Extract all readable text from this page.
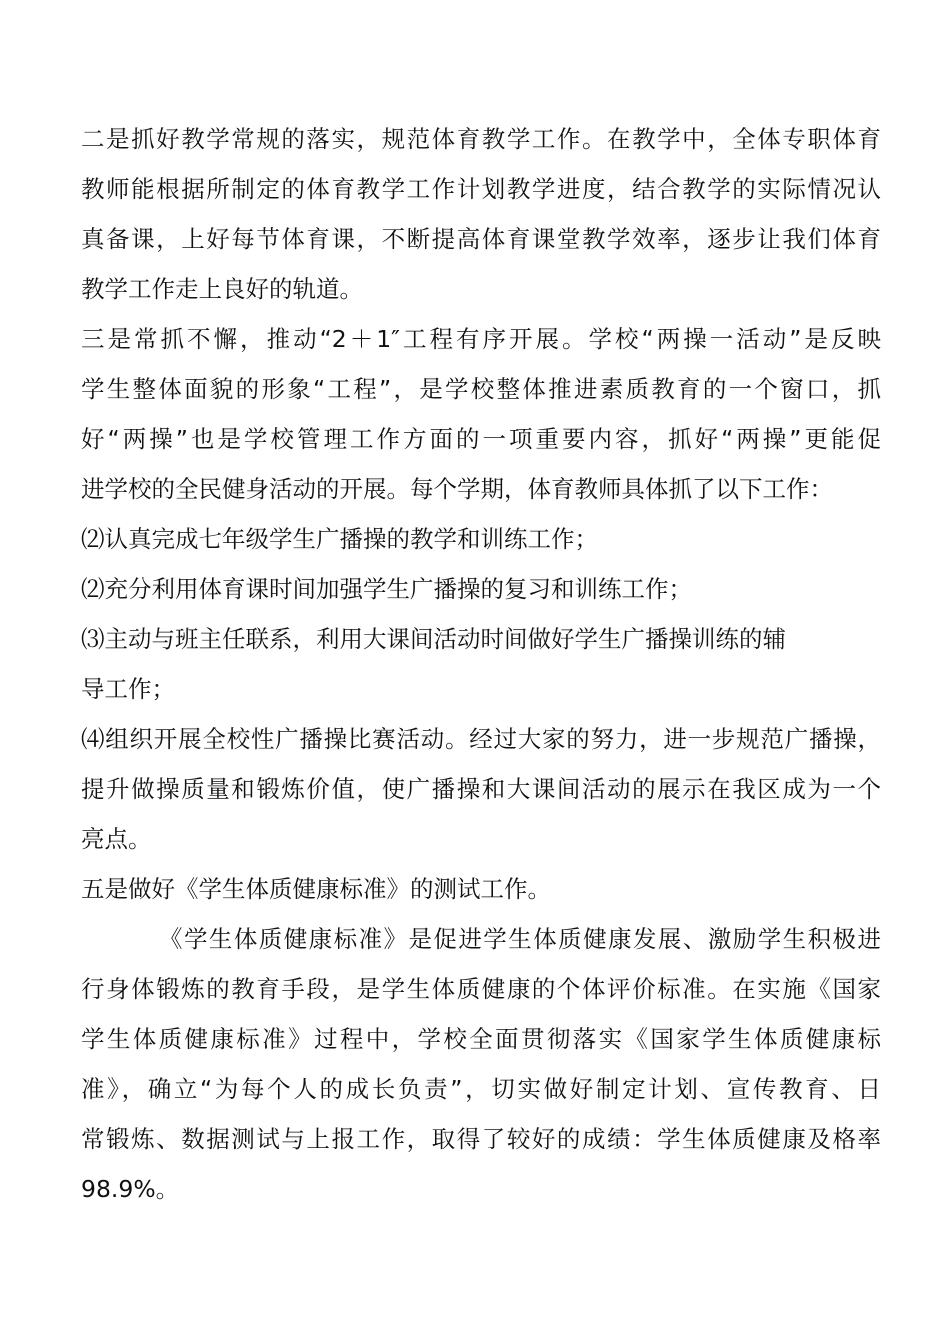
二是抓好教学常规的落实，规范体育教学工作。在教学中，全体专职体育
教师能根据所制定的体育教学工作计划教学进度，结合教学的实际情况认
真备课，上好每节体育课，不断提高体育课堂教学效率，逐步让我们体育
教学工作走上良好的轨道。
三是常抓不懈，推动“2＋1″工程有序开展。学校“两操一活动”是反映
学生整体面貌的形象“工程”，是学校整体推进素质教育的一个窗口，抓
好“两操”也是学校管理工作方面的一项重要内容，抓好“两操”更能促
进学校的全民健身活动的开展。每个学期，体育教师具体抓了以下工作：
⑵认真完成七年级学生广播操的教学和训练工作；
⑵充分利用体育课时间加强学生广播操的复习和训练工作；
⑶主动与班主任联系，利用大课间活动时间做好学生广播操训练的辅
导工作；
⑷组织开展全校性广播操比赛活动。经过大家的努力，进一步规范广播操，
提升做操质量和锻炼价值，使广播操和大课间活动的展示在我区成为一个
亮点。
五是做好《学生体质健康标准》的测试工作。
《学生体质健康标准》是促进学生体质健康发展、激励学生积极进
行身体锻炼的教育手段，是学生体质健康的个体评价标准。在实施《国家
学生体质健康标准》过程中，学校全面贯彻落实《国家学生体质健康标
准》，确立“为每个人的成长负责”，切实做好制定计划、宣传教育、日
常锻炼、数据测试与上报工作，取得了较好的成绩：学生体质健康及格率
98.9%。
